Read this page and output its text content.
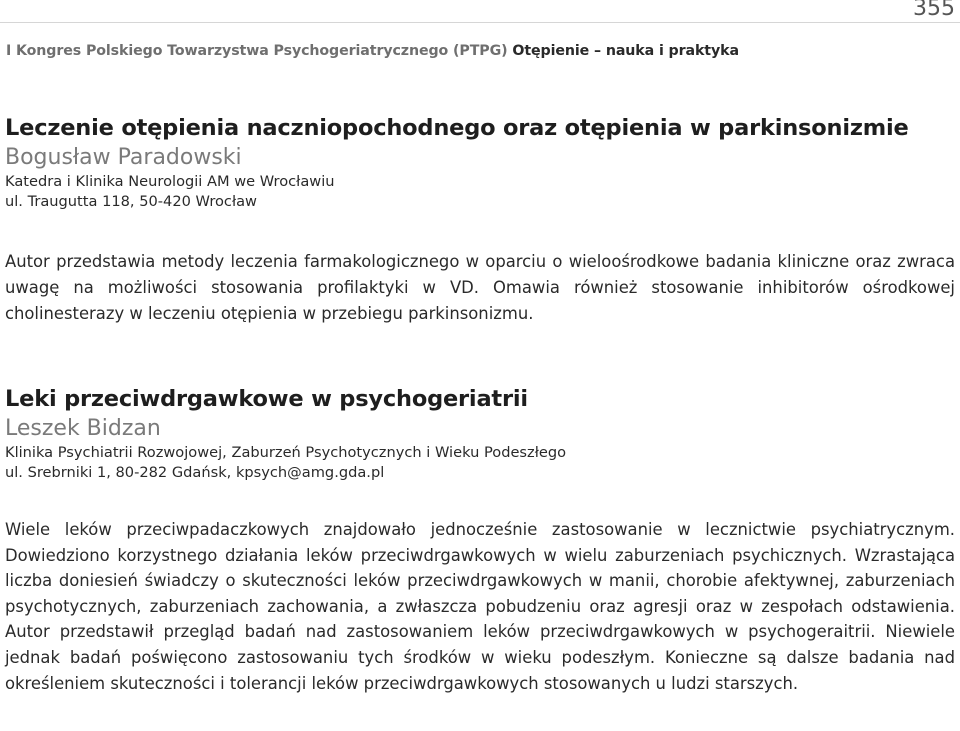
355
I Kongres Polskiego Towarzystwa Psychogeriatrycznego (PTPG) Otępienie – nauka i praktyka
Leczenie otępienia naczniopochodnego oraz otępienia w parkinsonizmie
Bogusław Paradowski
Katedra i Klinika Neurologii AM we Wrocławiu
ul. Traugutta 118, 50-420 Wrocław

Autor przedstawia metody leczenia farmakologicznego w oparciu o wieloośrodkowe badania kliniczne oraz zwraca uwagę na możliwości stosowania profilaktyki w VD. Omawia również stosowanie inhibitorów ośrodkowej cholinesterazy w leczeniu otępienia w przebiegu parkinsonizmu.

Leki przeciwdrgawkowe w psychogeriatrii
Leszek Bidzan
Klinika Psychiatrii Rozwojowej, Zaburzeń Psychotycznych i Wieku Podeszłego
ul. Srebrniki 1, 80-282 Gdańsk, kpsych@amg.gda.pl

Wiele leków przeciwpadaczkowych znajdowało jednocześnie zastosowanie w lecznictwie psychiatrycznym. Dowiedziono korzystnego działania leków przeciwdrgawkowych w wielu zaburzeniach psychicznych. Wzrastająca liczba doniesień świadczy o skuteczności leków przeciwdrgawkowych w manii, chorobie afektywnej, zaburzeniach psychotycznych, zaburzeniach zachowania, a zwłaszcza pobudzeniu oraz agresji oraz w zespołach odstawienia. Autor przedstawił przegląd badań nad zastosowaniem leków przeciwdrgawkowych w psychogeraitrii. Niewiele jednak badań poświęcono zastosowaniu tych środków w wieku podeszłym. Konieczne są dalsze badania nad określeniem skuteczności i tolerancji leków przeciwdrgawkowych stosowanych u ludzi starszych.
